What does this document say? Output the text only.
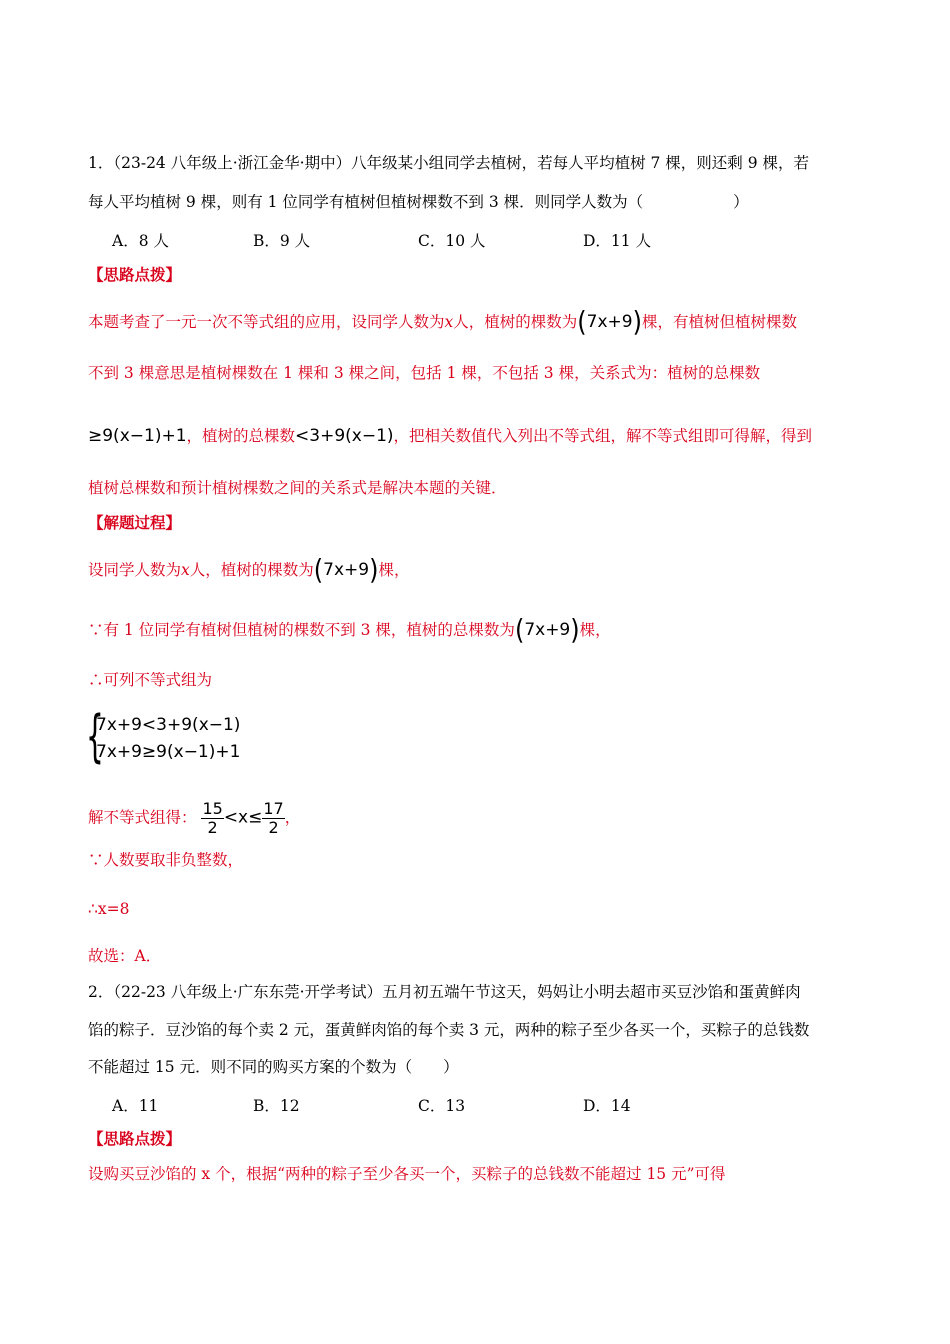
1．（23-24 八年级上·浙江金华·期中）八年级某小组同学去植树，若每人平均植树 7 棵，则还剩 9 棵，若
每人平均植树 9 棵，则有 1 位同学有植树但植树棵数不到 3 棵．则同学人数为（	）
A．8 人	B．9 人	C．10 人	D．11 人
【思路点拨】
本题考查了一元一次不等式组的应用，设同学人数为x人，植树的棵数为(7x+9)棵，有植树但植树棵数
不到 3 棵意思是植树棵数在 1 棵和 3 棵之间，包括 1 棵，不包括 3 棵，关系式为：植树的总棵数
≥9(x−1)+1，植树的总棵数<3+9(x−1)，把相关数值代入列出不等式组，解不等式组即可得解，得到
植树总棵数和预计植树棵数之间的关系式是解决本题的关键．
【解题过程】
设同学人数为x人，植树的棵数为(7x+9)棵，
∵有 1 位同学有植树但植树的棵数不到 3 棵，植树的总棵数为(7x+9)棵，
∴可列不等式组为
{
7x+9<3+9(x−1)
7x+9≥9(x−1)+1
解不等式组得： $\frac{15}{2} <x\le \frac{17}{2}$ ，
∵人数要取非负整数，
∴x=8
故选：A．
2．（22-23 八年级上·广东东莞·开学考试）五月初五端午节这天，妈妈让小明去超市买豆沙馅和蛋黄鲜肉
馅的粽子．豆沙馅的每个卖 2 元，蛋黄鲜肉馅的每个卖 3 元，两种的粽子至少各买一个，买粽子的总钱数
不能超过 15 元．则不同的购买方案的个数为（　　）
A．11	B．12	C．13	D．14
【思路点拨】
设购买豆沙馅的 x 个，根据“两种的粽子至少各买一个，买粽子的总钱数不能超过 15 元”可得
